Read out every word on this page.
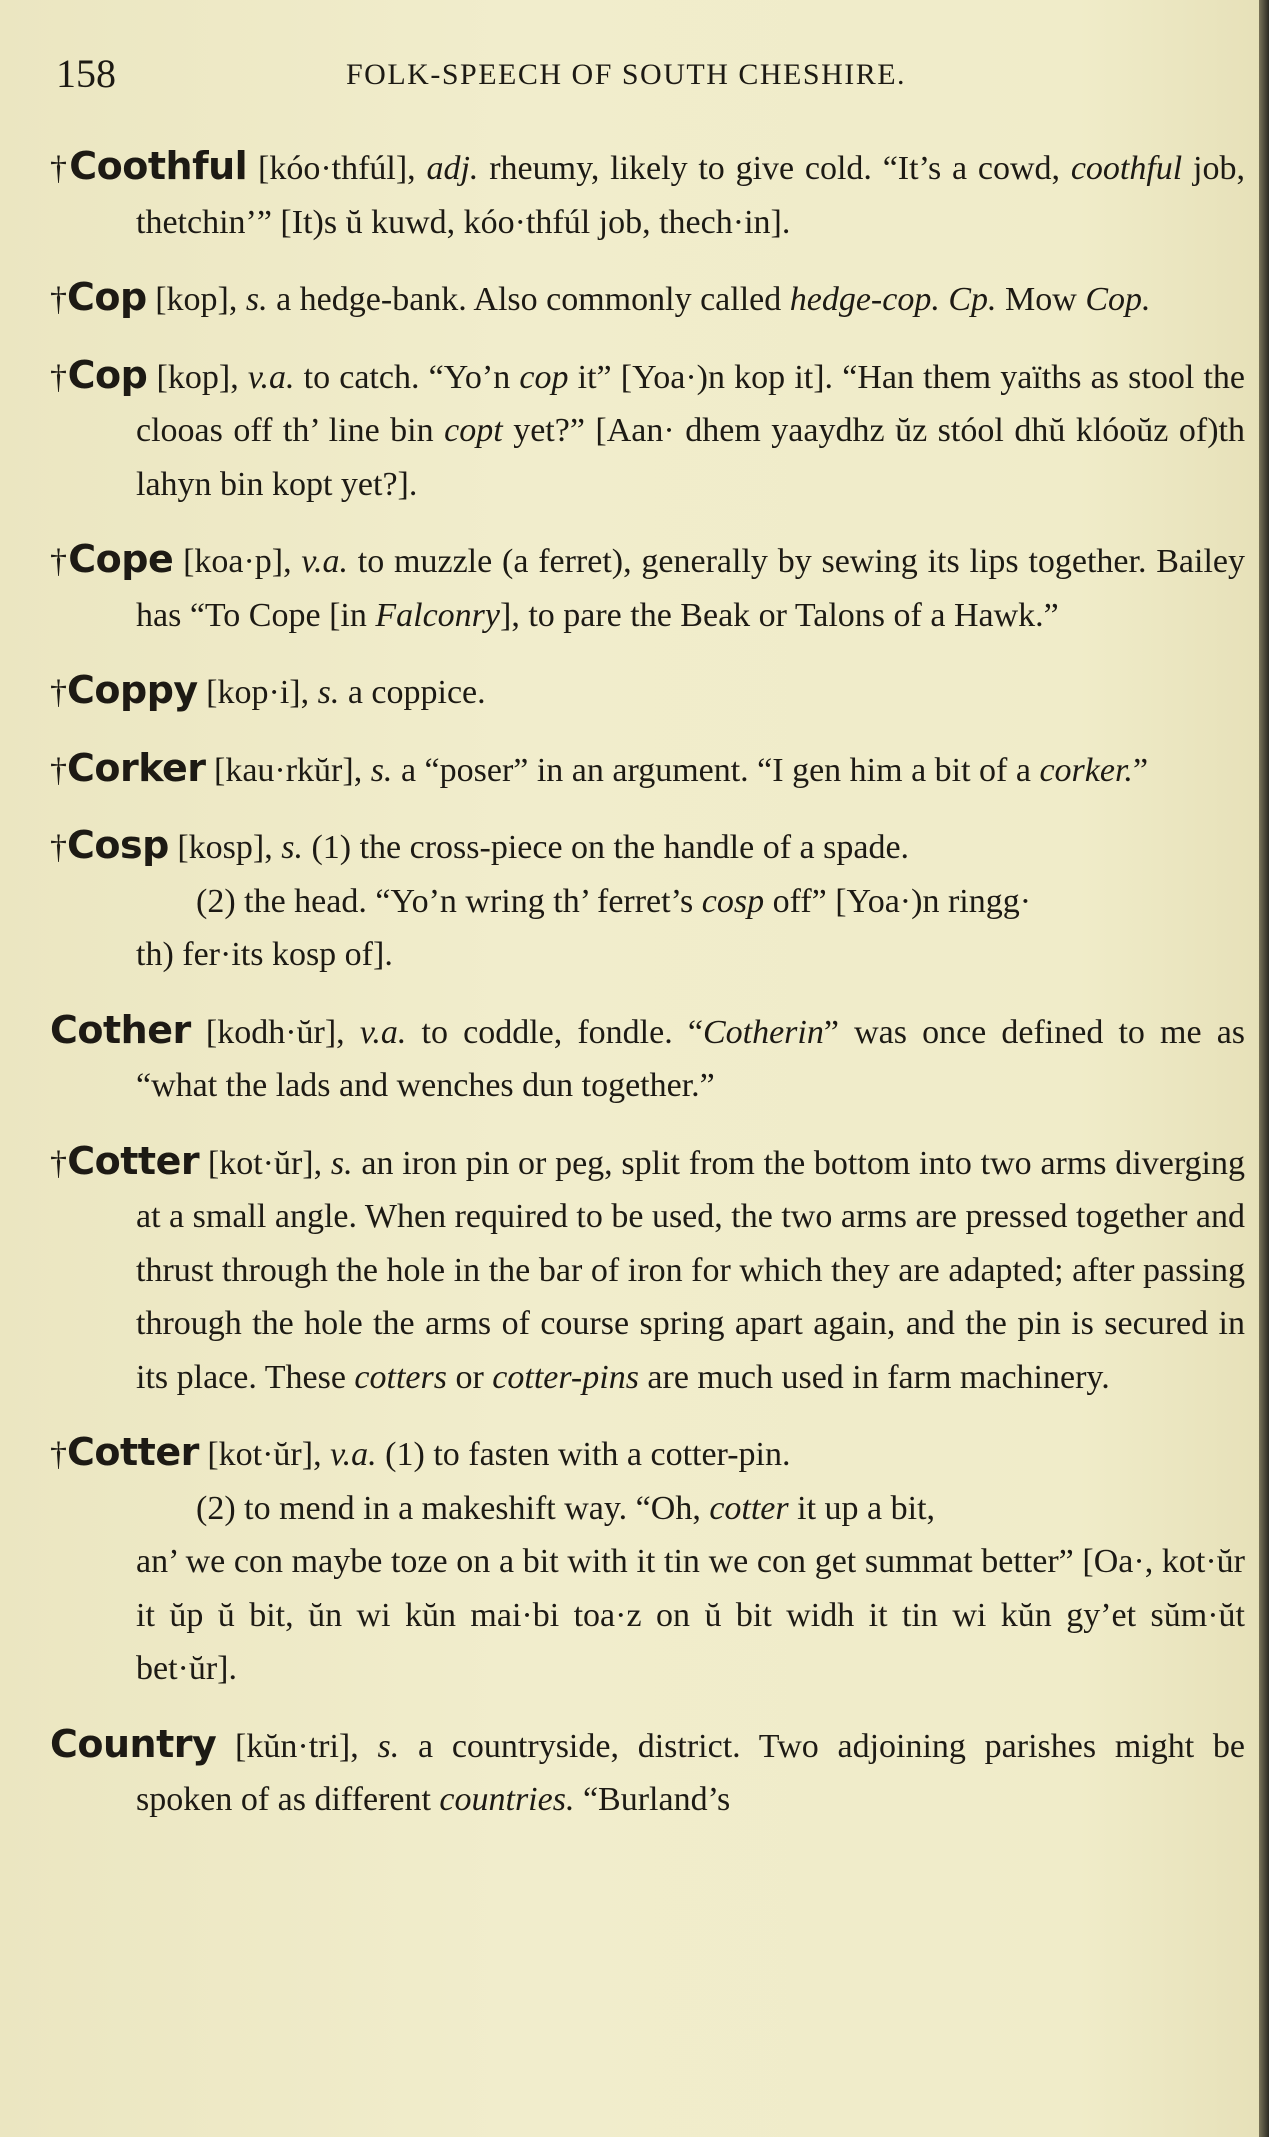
158	FOLK-SPEECH OF SOUTH CHESHIRE.
†Coothful [kóo·thfúl], adj. rheumy, likely to give cold. “It’s a cowd, coothful job, thetchin’” [It)s ŭ kuwd, kóo·thfúl job, thech·in].
†Cop [kop], s. a hedge-bank. Also commonly called hedge-cop. Cp. Mow Cop.
†Cop [kop], v.a. to catch. “Yo’n cop it” [Yoa·)n kop it]. “Han them yaïths as stool the clooas off th’ line bin copt yet?” [Aan· dhem yaaydhz ŭz stóol dhŭ klóoŭz of)th lahyn bin kopt yet?].
†Cope [koa·p], v.a. to muzzle (a ferret), generally by sewing its lips together. Bailey has “To Cope [in Falconry], to pare the Beak or Talons of a Hawk.”
†Coppy [kop·i], s. a coppice.
†Corker [kau·rkŭr], s. a “poser” in an argument. “I gen him a bit of a corker.”
†Cosp [kosp], s. (1) the cross-piece on the handle of a spade.
(2) the head. “Yo’n wring th’ ferret’s cosp off” [Yoa·)n ringg·
th) fer·its kosp of].
Cother [kodh·ŭr], v.a. to coddle, fondle. “Cotherin” was once defined to me as “what the lads and wenches dun together.”
†Cotter [kot·ŭr], s. an iron pin or peg, split from the bottom into two arms diverging at a small angle. When required to be used, the two arms are pressed together and thrust through the hole in the bar of iron for which they are adapted; after passing through the hole the arms of course spring apart again, and the pin is secured in its place. These cotters or cotter-pins are much used in farm machinery.
†Cotter [kot·ŭr], v.a. (1) to fasten with a cotter-pin.
(2) to mend in a makeshift way. “Oh, cotter it up a bit,
an’ we con maybe toze on a bit with it tin we con get summat better” [Oa·, kot·ŭr it ŭp ŭ bit, ŭn wi kŭn mai·bi toa·z on ŭ bit widh it tin wi kŭn gy’et sŭm·ŭt bet·ŭr].
Country [kŭn·tri], s. a countryside, district. Two adjoining parishes might be spoken of as different countries. “Burland’s
